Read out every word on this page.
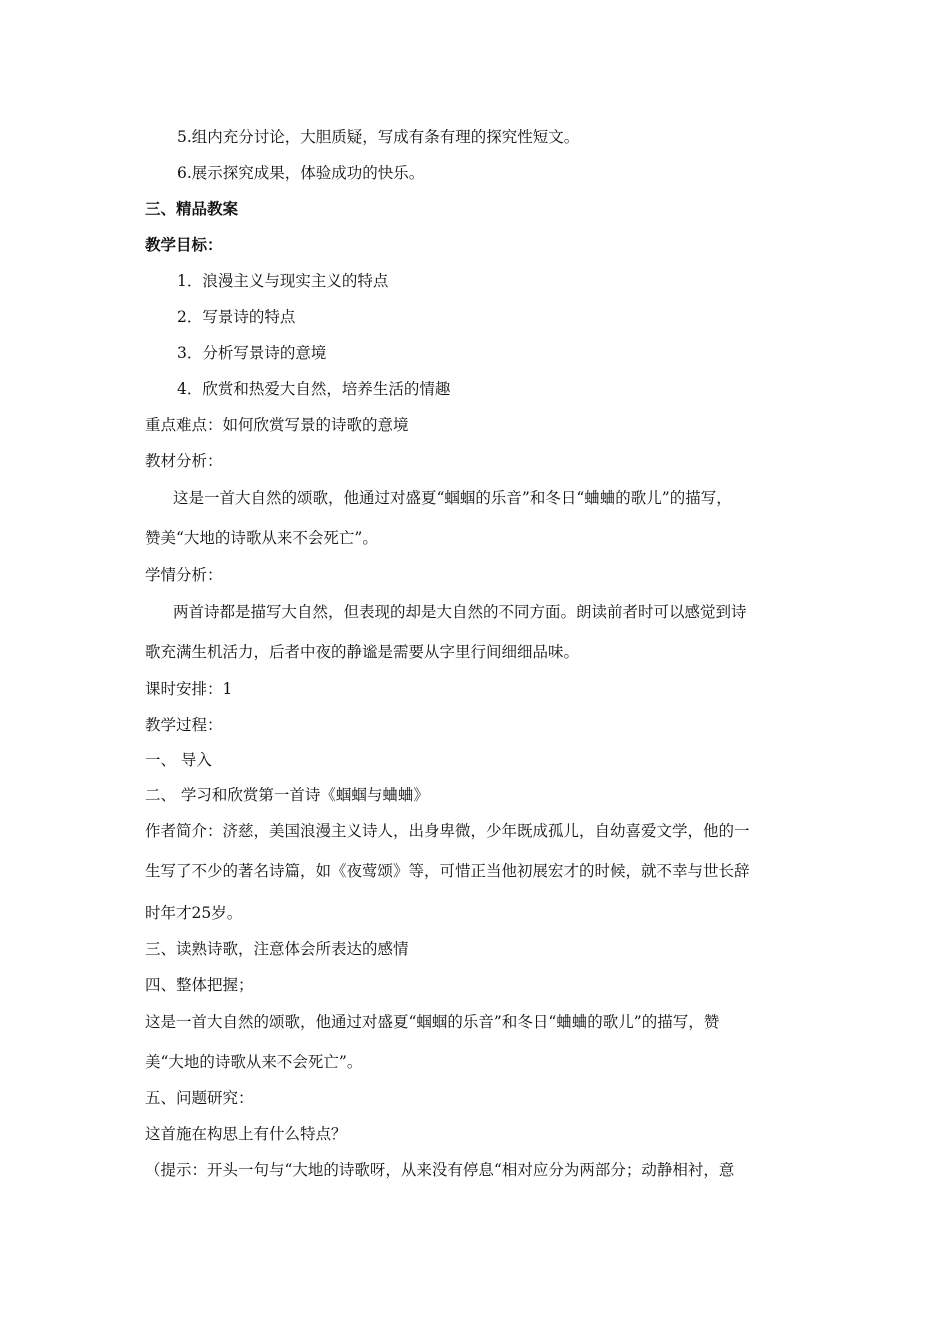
5.组内充分讨论，大胆质疑，写成有条有理的探究性短文。
6.展示探究成果，体验成功的快乐。
三、精品教案
教学目标：
1．浪漫主义与现实主义的特点
2．写景诗的特点
3．分析写景诗的意境
4．欣赏和热爱大自然，培养生活的情趣
重点难点：如何欣赏写景的诗歌的意境
教材分析：
这是一首大自然的颂歌，他通过对盛夏“蝈蝈的乐音”和冬日“蛐蛐的歌儿”的描写，
赞美“大地的诗歌从来不会死亡”。
学情分析：
两首诗都是描写大自然，但表现的却是大自然的不同方面。朗读前者时可以感觉到诗
歌充满生机活力，后者中夜的静谧是需要从字里行间细细品味。
课时安排：1
教学过程：
一、 导入
二、 学习和欣赏第一首诗《蝈蝈与蛐蛐》
作者简介：济慈，美国浪漫主义诗人，出身卑微，少年既成孤儿，自幼喜爱文学，他的一
生写了不少的著名诗篇，如《夜莺颂》等，可惜正当他初展宏才的时候，就不幸与世长辞
时年才25岁。
三、读熟诗歌，注意体会所表达的感情
四、整体把握；
这是一首大自然的颂歌，他通过对盛夏“蝈蝈的乐音”和冬日“蛐蛐的歌儿”的描写，赞
美“大地的诗歌从来不会死亡”。
五、问题研究：
这首施在构思上有什么特点？
（提示：开头一句与“大地的诗歌呀，从来没有停息“相对应分为两部分；动静相衬，意
